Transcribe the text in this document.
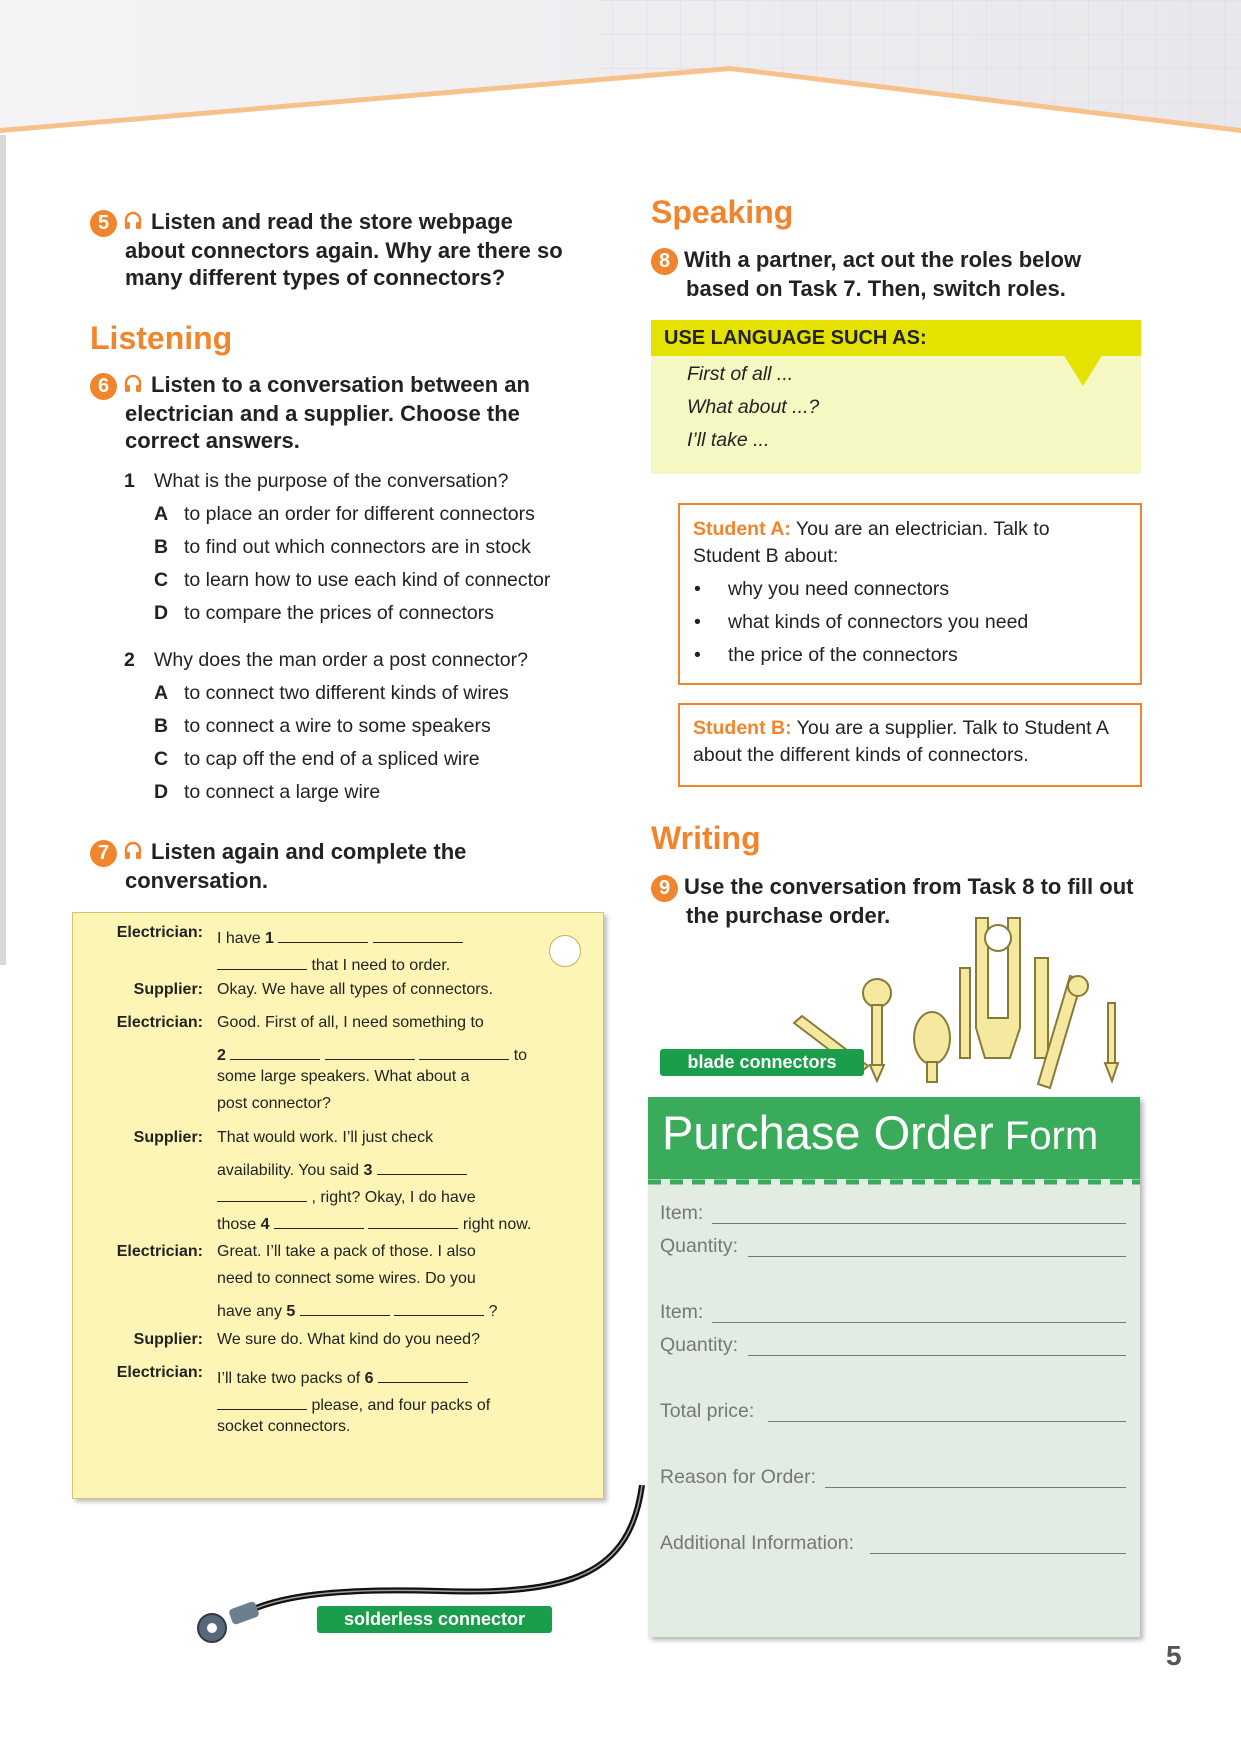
5 Listen and read the store webpage
about connectors again. Why are there so
many different types of connectors?
Listening
6 Listen to a conversation between an
electrician and a supplier. Choose the
correct answers.
1 What is the purpose of the conversation?
A to place an order for different connectors
B to find out which connectors are in stock
C to learn how to use each kind of connector
D to compare the prices of connectors
2 Why does the man order a post connector?
A to connect two different kinds of wires
B to connect a wire to some speakers
C to cap off the end of a spliced wire
D to connect a large wire
7 Listen again and complete the
conversation.
Electrician: I have 1
that I need to order.
Supplier: Okay. We have all types of connectors.
Electrician: Good. First of all, I need something to
2	to
some large speakers. What about a
post connector?
Supplier: That would work. I’ll just check
availability. You said 3
, right? Okay, I do have
those 4	right now.
Electrician: Great. I’ll take a pack of those. I also
need to connect some wires. Do you
have any 5	?
Supplier: We sure do. What kind do you need?
Electrician: I’ll take two packs of 6
please, and four packs of
socket connectors.
solderless connector
Speaking
8 With a partner, act out the roles below
based on Task 7. Then, switch roles.
USE LANGUAGE SUCH AS:
First of all ...
What about ...?
I’ll take ...
Student A: You are an electrician. Talk to
Student B about:
• why you need connectors
• what kinds of connectors you need
• the price of the connectors
Student B: You are a supplier. Talk to Student A
about the different kinds of connectors.
Writing
9 Use the conversation from Task 8 to fill out
the purchase order.
blade connectors
Purchase Order Form
Item:
Quantity:
Item:
Quantity:
Total price:
Reason for Order:
Additional Information:
5
